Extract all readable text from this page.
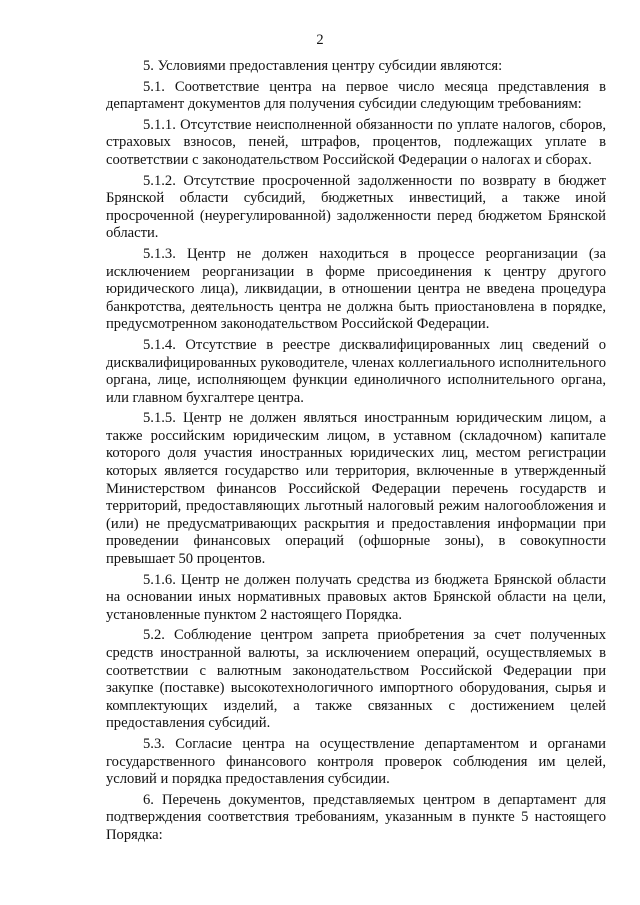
2

5. Условиями предоставления центру субсидии являются:

5.1. Соответствие центра на первое число месяца представления в департамент документов для получения субсидии следующим требованиям:

5.1.1. Отсутствие неисполненной обязанности по уплате налогов, сборов, страховых взносов, пеней, штрафов, процентов, подлежащих уплате в соответствии с законодательством Российской Федерации о налогах и сборах.

5.1.2. Отсутствие просроченной задолженности по возврату в бюджет Брянской области субсидий, бюджетных инвестиций, а также иной просроченной (неурегулированной) задолженности перед бюджетом Брянской области.

5.1.3. Центр не должен находиться в процессе реорганизации (за исключением реорганизации в форме присоединения к центру другого юридического лица), ликвидации, в отношении центра не введена процедура банкротства, деятельность центра не должна быть приостановлена в порядке, предусмотренном законодательством Российской Федерации.

5.1.4. Отсутствие в реестре дисквалифицированных лиц сведений о дисквалифицированных руководителе, членах коллегиального исполнительного органа, лице, исполняющем функции единоличного исполнительного органа, или главном бухгалтере центра.

5.1.5. Центр не должен являться иностранным юридическим лицом, а также российским юридическим лицом, в уставном (складочном) капитале которого доля участия иностранных юридических лиц, местом регистрации которых является государство или территория, включенные в утвержденный Министерством финансов Российской Федерации перечень государств и территорий, предоставляющих льготный налоговый режим налогообложения и (или) не предусматривающих раскрытия и предоставления информации при проведении финансовых операций (офшорные зоны), в совокупности превышает 50 процентов.

5.1.6. Центр не должен получать средства из бюджета Брянской области на основании иных нормативных правовых актов Брянской области на цели, установленные пунктом 2 настоящего Порядка.

5.2. Соблюдение центром запрета приобретения за счет полученных средств иностранной валюты, за исключением операций, осуществляемых в соответствии с валютным законодательством Российской Федерации при закупке (поставке) высокотехнологичного импортного оборудования, сырья и комплектующих изделий, а также связанных с достижением целей предоставления субсидий.

5.3. Согласие центра на осуществление департаментом и органами государственного финансового контроля проверок соблюдения им целей, условий и порядка предоставления субсидии.

6. Перечень документов, представляемых центром в департамент для подтверждения соответствия требованиям, указанным в пункте 5 настоящего Порядка:
